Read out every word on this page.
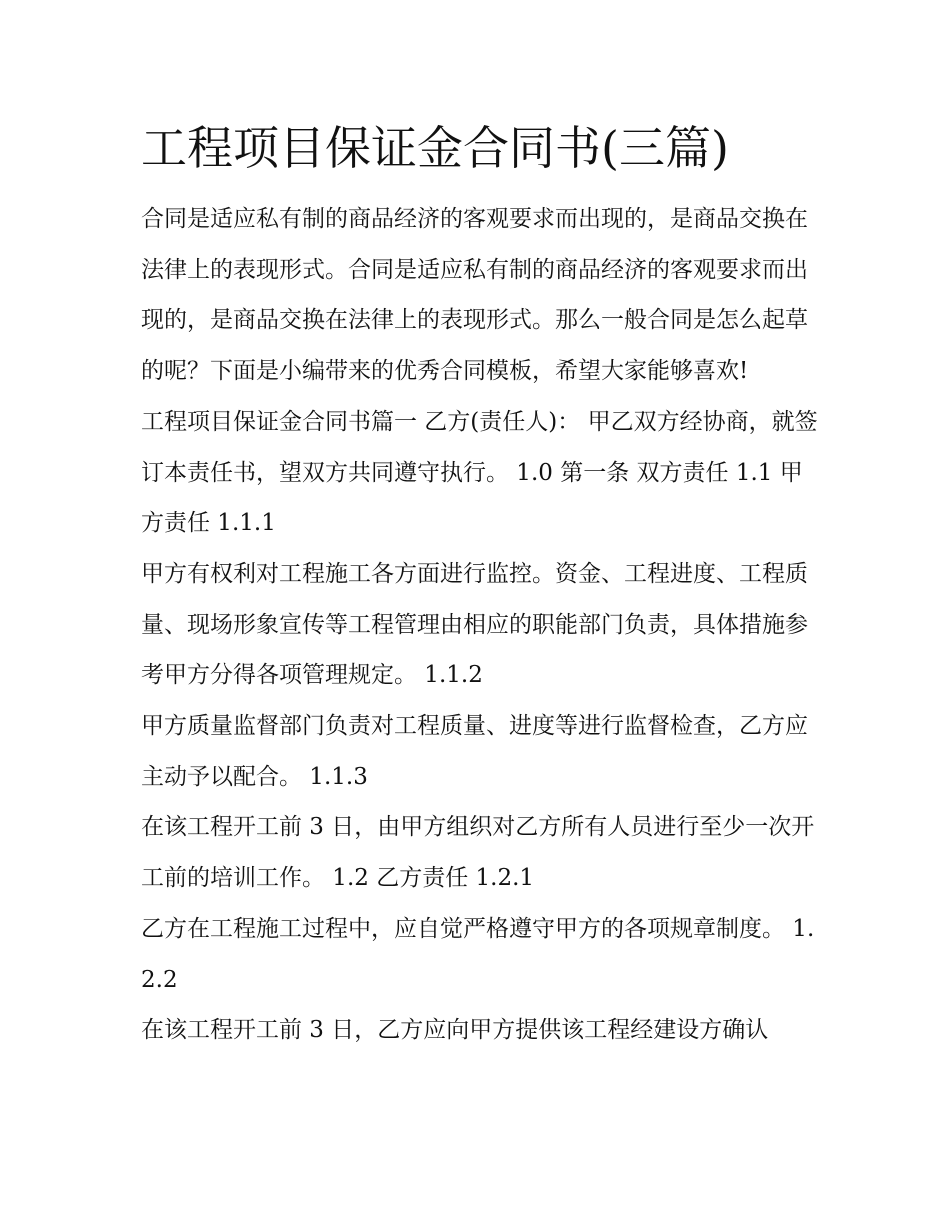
工程项目保证金合同书(三篇)

合同是适应私有制的商品经济的客观要求而出现的，是商品交换在法律上的表现形式。合同是适应私有制的商品经济的客观要求而出现的，是商品交换在法律上的表现形式。那么一般合同是怎么起草的呢？下面是小编带来的优秀合同模板，希望大家能够喜欢!

工程项目保证金合同书篇一 乙方(责任人)： 甲乙双方经协商，就签订本责任书，望双方共同遵守执行。 1.0 第一条 双方责任 1.1 甲方责任 1.1.1

甲方有权利对工程施工各方面进行监控。资金、工程进度、工程质量、现场形象宣传等工程管理由相应的职能部门负责，具体措施参考甲方分得各项管理规定。 1.1.2

甲方质量监督部门负责对工程质量、进度等进行监督检查，乙方应主动予以配合。 1.1.3

在该工程开工前 3 日，由甲方组织对乙方所有人员进行至少一次开工前的培训工作。 1.2 乙方责任 1.2.1

乙方在工程施工过程中，应自觉严格遵守甲方的各项规章制度。 1.2.2

在该工程开工前 3 日，乙方应向甲方提供该工程经建设方确认
